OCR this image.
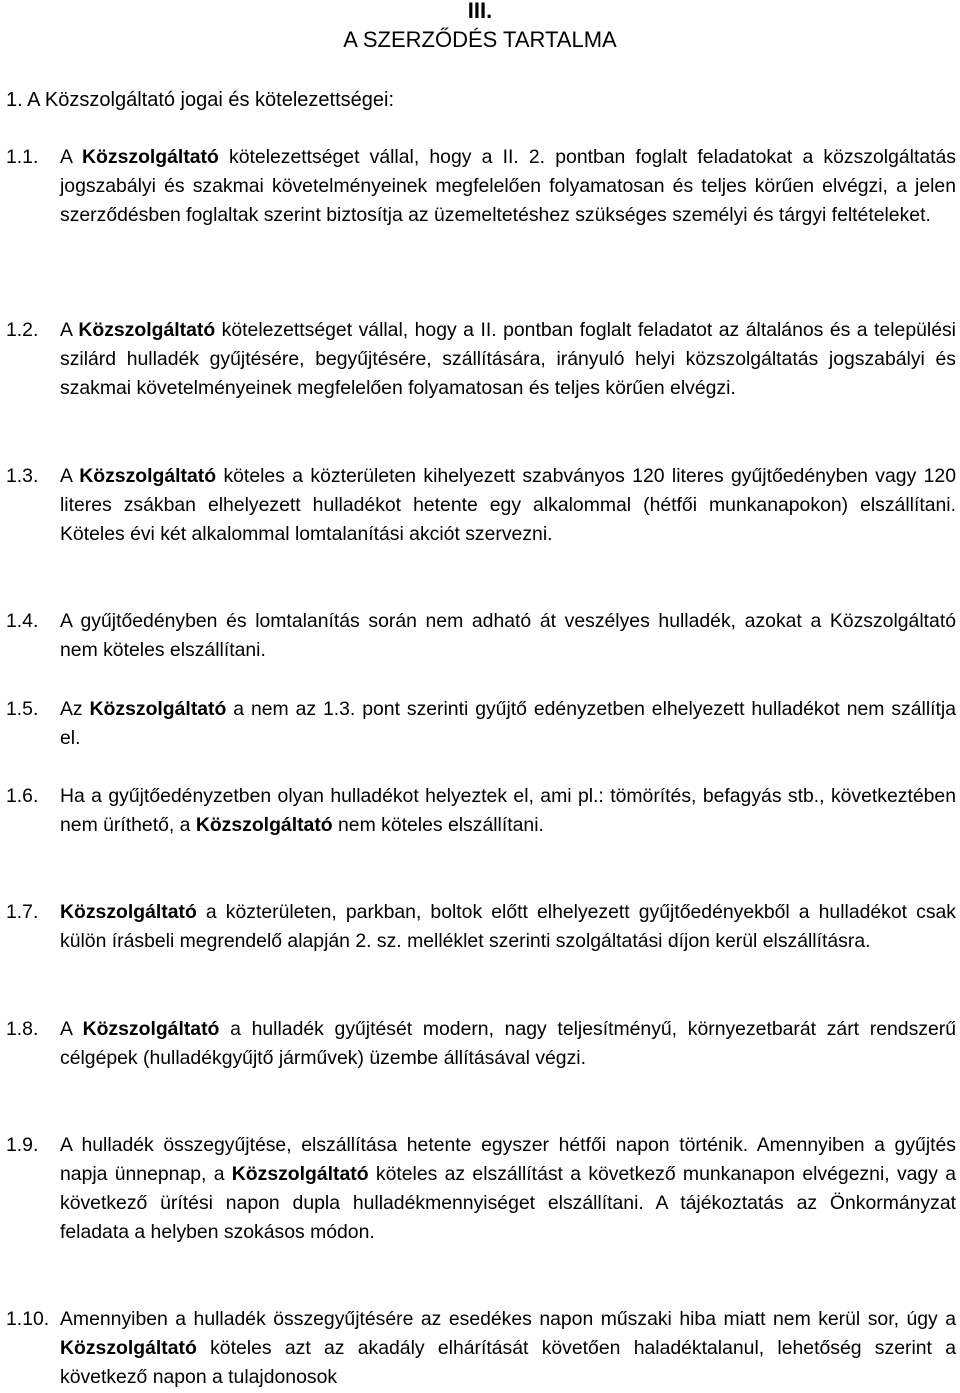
III.
A SZERZŐDÉS TARTALMA
1. A Közszolgáltató jogai és kötelezettségei:
1.1. A Közszolgáltató kötelezettséget vállal, hogy a II. 2. pontban foglalt feladatokat a közszolgáltatás jogszabályi és szakmai követelményeinek megfelelően folyamatosan és teljes körűen elvégzi, a jelen szerződésben foglaltak szerint biztosítja az üzemeltetéshez szükséges személyi és tárgyi feltételeket.
1.2. A Közszolgáltató kötelezettséget vállal, hogy a II. pontban foglalt feladatot az általános és a települési szilárd hulladék gyűjtésére, begyűjtésére, szállítására, irányuló helyi közszolgáltatás jogszabályi és szakmai követelményeinek megfelelően folyamatosan és teljes körűen elvégzi.
1.3. A Közszolgáltató köteles a közterületen kihelyezett szabványos 120 literes gyűjtőedényben vagy 120 literes zsákban elhelyezett hulladékot hetente egy alkalommal (hétfői munkanapokon) elszállítani. Köteles évi két alkalommal lomtalanítási akciót szervezni.
1.4. A gyűjtőedényben és lomtalanítás során nem adható át veszélyes hulladék, azokat a Közszolgáltató nem köteles elszállítani.
1.5. Az Közszolgáltató a nem az 1.3. pont szerinti gyűjtő edényzetben elhelyezett hulladékot nem szállítja el.
1.6. Ha a gyűjtőedényzetben olyan hulladékot helyeztek el, ami pl.: tömörítés, befagyás stb., következtében nem üríthető, a Közszolgáltató nem köteles elszállítani.
1.7. Közszolgáltató a közterületen, parkban, boltok előtt elhelyezett gyűjtőedényekből a hulladékot csak külön írásbeli megrendelő alapján 2. sz. melléklet szerinti szolgáltatási díjon kerül elszállításra.
1.8. A Közszolgáltató a hulladék gyűjtését modern, nagy teljesítményű, környezetbarát zárt rendszerű célgépek (hulladékgyűjtő járművek) üzembe állításával végzi.
1.9. A hulladék összegyűjtése, elszállítása hetente egyszer hétfői napon történik. Amennyiben a gyűjtés napja ünnepnap, a Közszolgáltató köteles az elszállítást a következő munkanapon elvégezni, vagy a következő ürítési napon dupla hulladékmennyiséget elszállítani. A tájékoztatás az Önkormányzat feladata a helyben szokásos módon.
1.10. Amennyiben a hulladék összegyűjtésére az esedékes napon műszaki hiba miatt nem kerül sor, úgy a Közszolgáltató köteles azt az akadály elhárítását követően haladéktalanul, lehetőség szerint a következő napon a tulajdonosok
